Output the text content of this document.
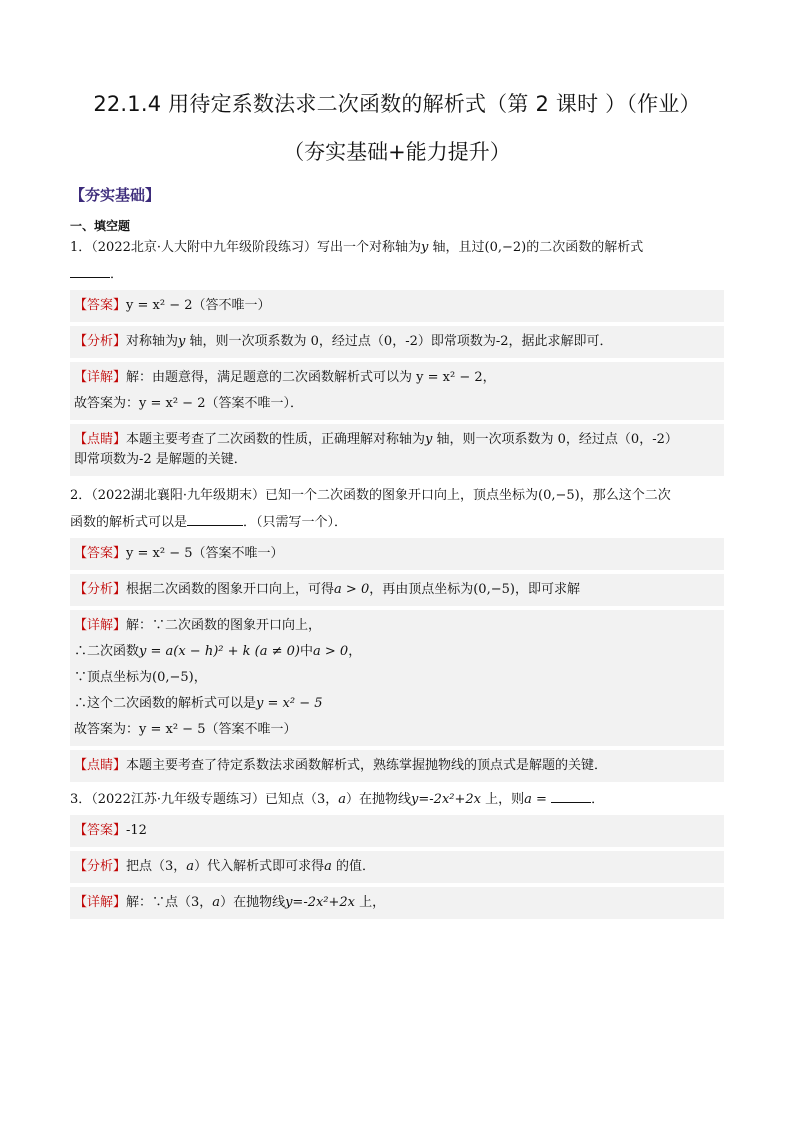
22.1.4 用待定系数法求二次函数的解析式（第 2 课时 ）（作业）
（夯实基础+能力提升）
【夯实基础】
一、填空题
1．（2022北京·人大附中九年级阶段练习）写出一个对称轴为y 轴，且过(0,−2)的二次函数的解析式
．
【答案】y = x² − 2（答不唯一）
【分析】对称轴为y 轴，则一次项系数为 0，经过点（0，-2）即常项数为-2，据此求解即可．
【详解】解：由题意得，满足题意的二次函数解析式可以为 y = x² − 2，
故答案为：y = x² − 2（答案不唯一）．
【点睛】本题主要考查了二次函数的性质，正确理解对称轴为y 轴，则一次项系数为 0，经过点（0，-2）
即常项数为-2 是解题的关键．
2．（2022湖北襄阳·九年级期末）已知一个二次函数的图象开口向上，顶点坐标为(0,−5)，那么这个二次
函数的解析式可以是	．（只需写一个）．
【答案】y = x² − 5（答案不唯一）
【分析】根据二次函数的图象开口向上，可得a > 0，再由顶点坐标为(0,−5)，即可求解
【详解】解：∵二次函数的图象开口向上，
∴二次函数y = a(x − h)² + k (a ≠ 0)中a > 0，
∵顶点坐标为(0,−5)，
∴这个二次函数的解析式可以是y = x² − 5
故答案为：y = x² − 5（答案不唯一）
【点睛】本题主要考查了待定系数法求函数解析式，熟练掌握抛物线的顶点式是解题的关键．
3．（2022江苏·九年级专题练习）已知点（3，a）在抛物线y=-2x²+2x 上，则a =	．
【答案】-12
【分析】把点（3，a）代入解析式即可求得a 的值．
【详解】解：∵点（3，a）在抛物线y=-2x²+2x 上，
